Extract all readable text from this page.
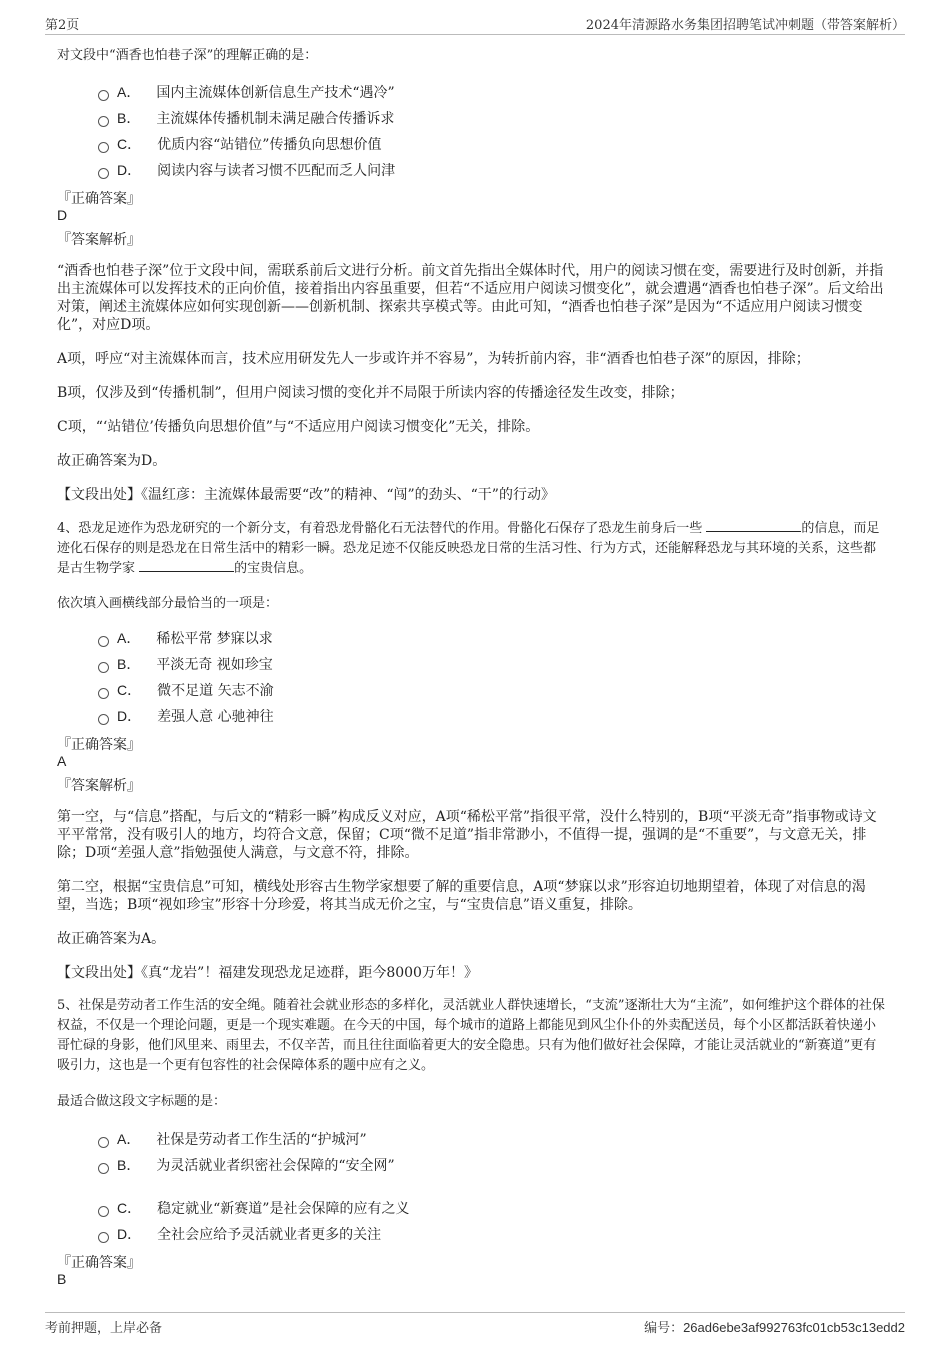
第2页	2024年清源路水务集团招聘笔试冲刺题（带答案解析）
对文段中“酒香也怕巷子深”的理解正确的是：
A． 国内主流媒体创新信息生产技术“遇冷”
B． 主流媒体传播机制未满足融合传播诉求
C． 优质内容“站错位”传播负向思想价值
D． 阅读内容与读者习惯不匹配而乏人问津
『正确答案』
D
『答案解析』
“酒香也怕巷子深”位于文段中间，需联系前后文进行分析。前文首先指出全媒体时代，用户的阅读习惯在变，需要进行及时创新，并指出主流媒体可以发挥技术的正向价值，接着指出内容虽重要，但若“不适应用户阅读习惯变化”，就会遭遇“酒香也怕巷子深”。后文给出对策，阐述主流媒体应如何实现创新——创新机制、探索共享模式等。由此可知，“酒香也怕巷子深”是因为“不适应用户阅读习惯变化”，对应D项。
A项，呼应“对主流媒体而言，技术应用研发先人一步或许并不容易”，为转折前内容，非“酒香也怕巷子深”的原因，排除；
B项，仅涉及到“传播机制”，但用户阅读习惯的变化并不局限于所读内容的传播途径发生改变，排除；
C项，“‘站错位’传播负向思想价值”与“不适应用户阅读习惯变化”无关，排除。
故正确答案为D。
【文段出处】《温红彦：主流媒体最需要“改”的精神、“闯”的劲头、“干”的行动》
4、恐龙足迹作为恐龙研究的一个新分支，有着恐龙骨骼化石无法替代的作用。骨骼化石保存了恐龙生前身后一些	的信息，而足迹化石保存的则是恐龙在日常生活中的精彩一瞬。恐龙足迹不仅能反映恐龙日常的生活习性、行为方式，还能解释恐龙与其环境的关系，这些都是古生物学家	的宝贵信息。
依次填入画横线部分最恰当的一项是：
A． 稀松平常 梦寐以求
B． 平淡无奇 视如珍宝
C． 微不足道 矢志不渝
D． 差强人意 心驰神往
『正确答案』
A
『答案解析』
第一空，与“信息”搭配，与后文的“精彩一瞬”构成反义对应，A项“稀松平常”指很平常，没什么特别的，B项“平淡无奇”指事物或诗文平平常常，没有吸引人的地方，均符合文意，保留；C项“微不足道”指非常渺小，不值得一提，强调的是“不重要”，与文意无关，排除；D项“差强人意”指勉强使人满意，与文意不符，排除。
第二空，根据“宝贵信息”可知，横线处形容古生物学家想要了解的重要信息，A项“梦寐以求”形容迫切地期望着，体现了对信息的渴望，当选；B项“视如珍宝”形容十分珍爱，将其当成无价之宝，与“宝贵信息”语义重复，排除。
故正确答案为A。
【文段出处】《真“龙岩”！福建发现恐龙足迹群，距今8000万年！》
5、社保是劳动者工作生活的安全绳。随着社会就业形态的多样化，灵活就业人群快速增长，“支流”逐渐壮大为“主流”，如何维护这个群体的社保权益，不仅是一个理论问题，更是一个现实难题。在今天的中国，每个城市的道路上都能见到风尘仆仆的外卖配送员，每个小区都活跃着快递小哥忙碌的身影，他们风里来、雨里去，不仅辛苦，而且往往面临着更大的安全隐患。只有为他们做好社会保障，才能让灵活就业的“新赛道”更有吸引力，这也是一个更有包容性的社会保障体系的题中应有之义。
最适合做这段文字标题的是：
A． 社保是劳动者工作生活的“护城河”
B． 为灵活就业者织密社会保障的“安全网”
C． 稳定就业“新赛道”是社会保障的应有之义
D． 全社会应给予灵活就业者更多的关注
『正确答案』
B
考前押题，上岸必备	编号：26ad6ebe3af992763fc01cb53c13edd2
